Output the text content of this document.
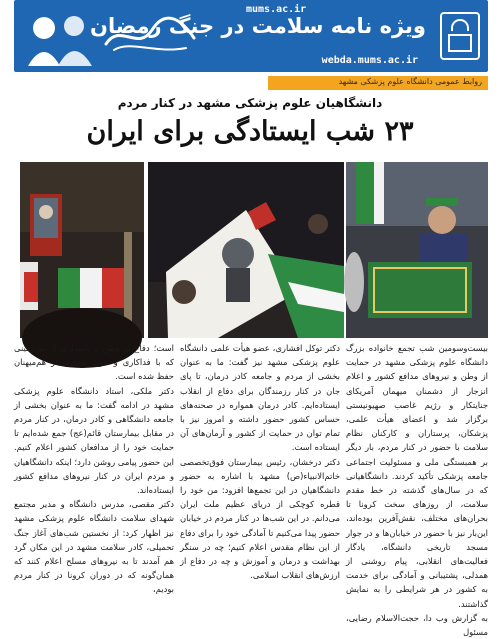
ویژه نامه سلامت در جنگ رمضان
mums.ac.ir
webda.mums.ac.ir
روابط عمومی دانشگاه علوم پزشکی مشهد
دانشگاهیان علوم پزشکی مشهد در کنار مردم
۲۳ شب ایستادگی برای ایران

بیست‌وسومین شب تجمع خانواده بزرگ دانشگاه علوم پزشکی مشهد در حمایت از وطن و نیروهای مدافع کشور و اعلام انزجار از دشمنان میهمان آمریکای جنایتکار و رژیم غاصب صهیونیستی برگزار شد و اعضای هیأت علمی، پزشکان، پرستاران و کارکنان نظام سلامت با حضور در کنار مردم، بار دیگر بر همبستگی ملی و مسئولیت اجتماعی جامعه پزشکی تأکید کردند. دانشگاهیانی که در سال‌های گذشته در خط مقدم سلامت، از روزهای سخت کرونا تا بحران‌های مختلف، نقش‌آفرین بوده‌اند، این‌بار نیز با حضور در خیابان‌ها و در جوار مسجد تاریخی دانشگاه، یادگار فعالیت‌های انقلابی، پیام روشنی از همدلی، پشتیبانی و آمادگی برای خدمت به کشور در هر شرایطی را به نمایش گذاشتند.

به گزارش وب دا، حجت‌الاسلام رضایی، مسئول

دکتر توکل افشاری، عضو هیأت علمی دانشگاه علوم پزشکی مشهد نیز گفت: ما به عنوان بخشی از مردم و جامعه کادر درمان، تا پای جان در کنار رزمندگان برای دفاع از انقلاب ایستاده‌ایم. کادر درمان همواره در صحنه‌های حساس کشور حضور داشته و امروز نیز با تمام توان در حمایت از کشور و آرمان‌های آن ایستاده است.

دکتر درخشان، رئیس بیمارستان فوق‌تخصصی خاتم‌الانبیاء(ص) مشهد با اشاره به حضور دانشگاهیان در این تجمع‌ها افزود: من خود را قطره کوچکی از دریای عظیم ملت ایران می‌دانم. در این شب‌ها در کنار مردم در خیابان حضور پیدا می‌کنیم تا آمادگی خود را برای دفاع از این نظام مقدس اعلام کنیم؛ چه در سنگر بهداشت و درمان و آموزش و چه در دفاع از ارزش‌های انقلاب اسلامی.

است؛ دفاع از وطن و پاسداری از سرزمینی که با فداکاری و خون بسیاری از هم‌میهنان حفظ شده است.

دکتر ملکی، استاد دانشگاه علوم پزشکی مشهد در ادامه گفت: ما به عنوان بخشی از جامعه دانشگاهی و کادر درمان، در کنار مردم در مقابل بیمارستان قائم(عج) جمع شده‌ایم تا حمایت خود را از مدافعان کشور اعلام کنیم. این حضور پیامی روشن دارد؛ اینکه دانشگاهیان و مردم ایران در کنار نیروهای مدافع کشور ایستاده‌اند.

دکتر مقصی، مدرس دانشگاه و مدیر مجتمع شهدای سلامت دانشگاه علوم پزشکی مشهد نیز اظهار کرد: از نخستین شب‌های آغاز جنگ تحمیلی، کادر سلامت مشهد در این مکان گرد هم آمدند تا به نیروهای مسلح اعلام کنند که همان‌گونه که در دوران کرونا در کنار مردم بودیم،
